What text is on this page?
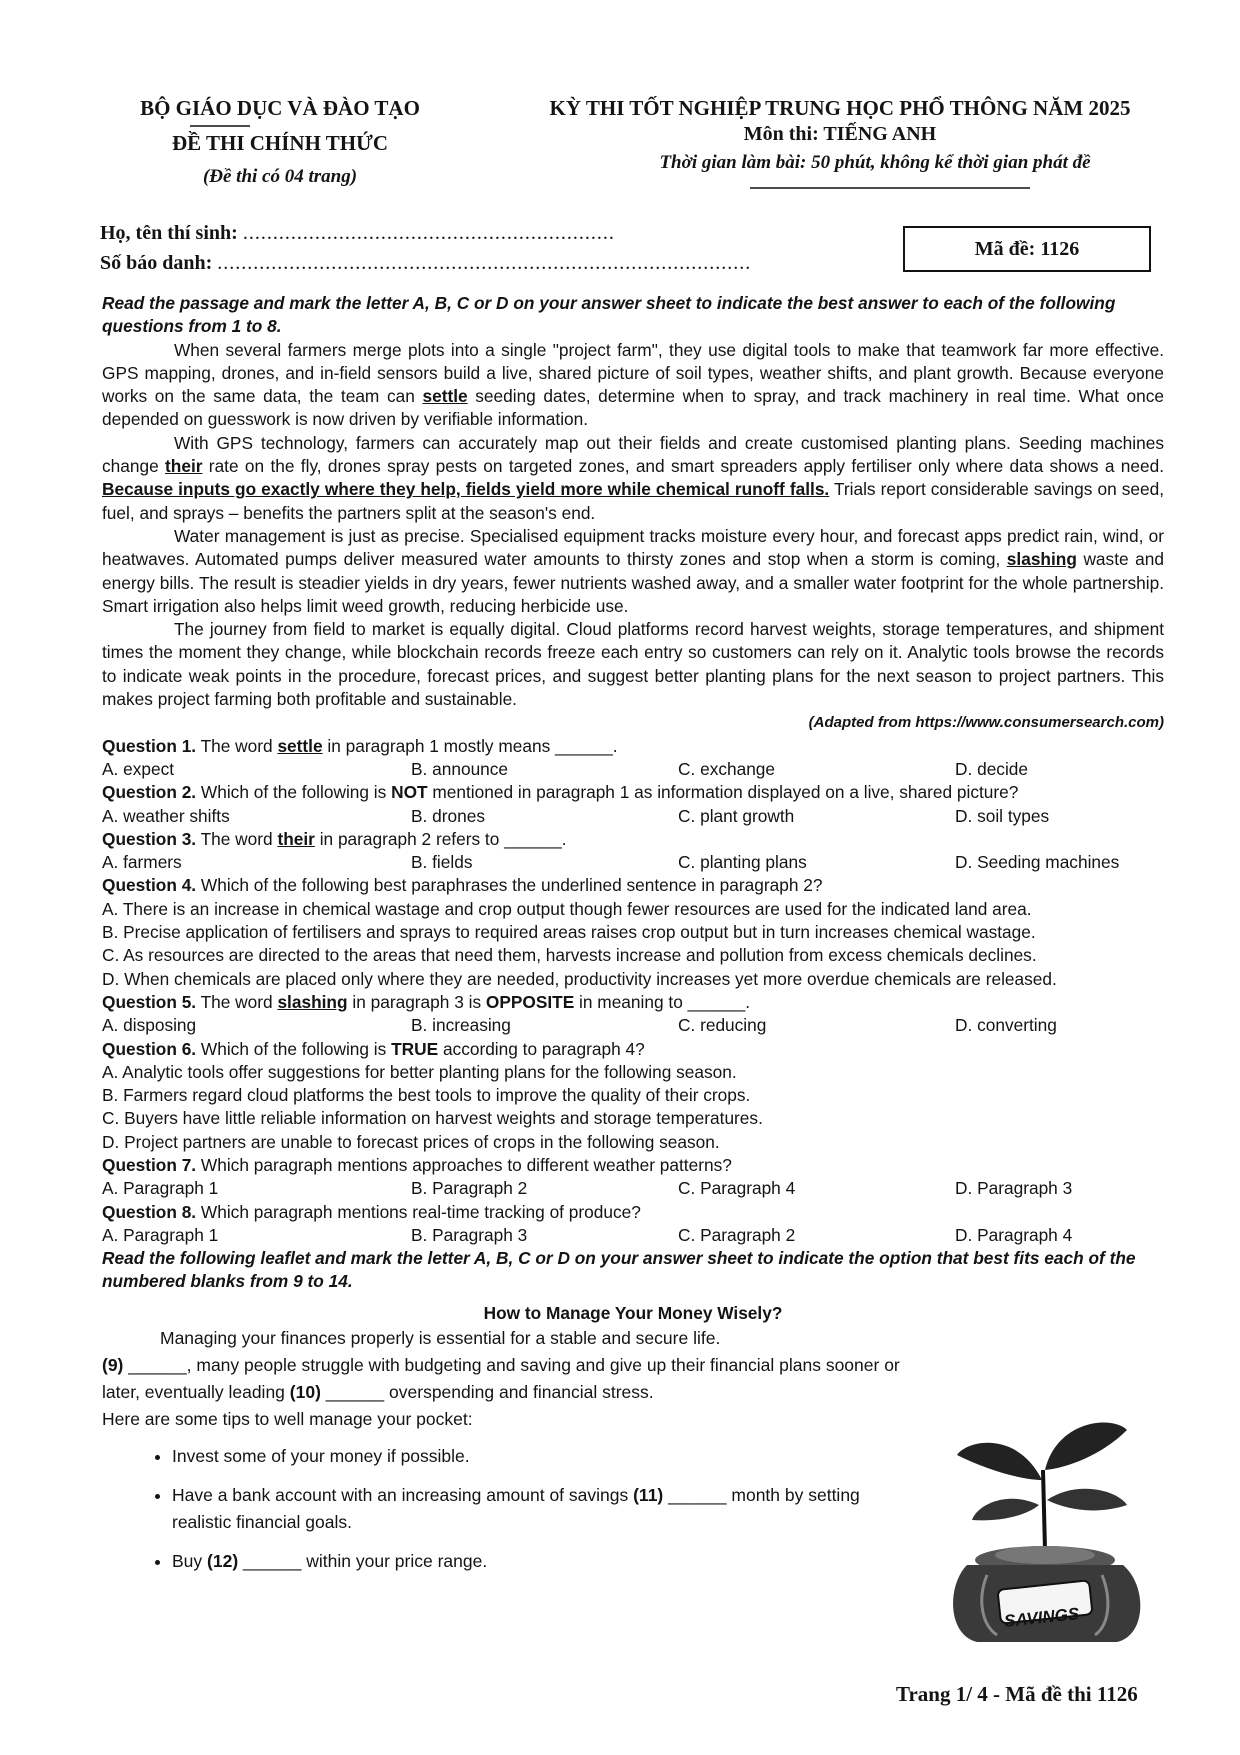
BỘ GIÁO DỤC VÀ ĐÀO TẠO
ĐỀ THI CHÍNH THỨC
(Đề thi có 04 trang)
KỲ THI TỐT NGHIỆP TRUNG HỌC PHỔ THÔNG NĂM 2025
Môn thi: TIẾNG ANH
Thời gian làm bài: 50 phút, không kể thời gian phát đề
Họ, tên thí sinh: ..............................................................
Số báo danh: .........................................................................................
Mã đề: 1126
Read the passage and mark the letter A, B, C or D on your answer sheet to indicate the best answer to each of the following questions from 1 to 8.
When several farmers merge plots into a single "project farm", they use digital tools to make that teamwork far more effective. GPS mapping, drones, and in-field sensors build a live, shared picture of soil types, weather shifts, and plant growth. Because everyone works on the same data, the team can settle seeding dates, determine when to spray, and track machinery in real time. What once depended on guesswork is now driven by verifiable information.
With GPS technology, farmers can accurately map out their fields and create customised planting plans. Seeding machines change their rate on the fly, drones spray pests on targeted zones, and smart spreaders apply fertiliser only where data shows a need. Because inputs go exactly where they help, fields yield more while chemical runoff falls. Trials report considerable savings on seed, fuel, and sprays – benefits the partners split at the season's end.
Water management is just as precise. Specialised equipment tracks moisture every hour, and forecast apps predict rain, wind, or heatwaves. Automated pumps deliver measured water amounts to thirsty zones and stop when a storm is coming, slashing waste and energy bills. The result is steadier yields in dry years, fewer nutrients washed away, and a smaller water footprint for the whole partnership. Smart irrigation also helps limit weed growth, reducing herbicide use.
The journey from field to market is equally digital. Cloud platforms record harvest weights, storage temperatures, and shipment times the moment they change, while blockchain records freeze each entry so customers can rely on it. Analytic tools browse the records to indicate weak points in the procedure, forecast prices, and suggest better planting plans for the next season to project partners. This makes project farming both profitable and sustainable.
(Adapted from https://www.consumersearch.com)
Question 1. The word settle in paragraph 1 mostly means ______.
A. expect	B. announce	C. exchange	D. decide
Question 2. Which of the following is NOT mentioned in paragraph 1 as information displayed on a live, shared picture?
A. weather shifts	B. drones	C. plant growth	D. soil types
Question 3. The word their in paragraph 2 refers to ______.
A. farmers	B. fields	C. planting plans	D. Seeding machines
Question 4. Which of the following best paraphrases the underlined sentence in paragraph 2?
A. There is an increase in chemical wastage and crop output though fewer resources are used for the indicated land area.
B. Precise application of fertilisers and sprays to required areas raises crop output but in turn increases chemical wastage.
C. As resources are directed to the areas that need them, harvests increase and pollution from excess chemicals declines.
D. When chemicals are placed only where they are needed, productivity increases yet more overdue chemicals are released.
Question 5. The word slashing in paragraph 3 is OPPOSITE in meaning to ______.
A. disposing	B. increasing	C. reducing	D. converting
Question 6. Which of the following is TRUE according to paragraph 4?
A. Analytic tools offer suggestions for better planting plans for the following season.
B. Farmers regard cloud platforms the best tools to improve the quality of their crops.
C. Buyers have little reliable information on harvest weights and storage temperatures.
D. Project partners are unable to forecast prices of crops in the following season.
Question 7. Which paragraph mentions approaches to different weather patterns?
A. Paragraph 1	B. Paragraph 2	C. Paragraph 4	D. Paragraph 3
Question 8. Which paragraph mentions real-time tracking of produce?
A. Paragraph 1	B. Paragraph 3	C. Paragraph 2	D. Paragraph 4
Read the following leaflet and mark the letter A, B, C or D on your answer sheet to indicate the option that best fits each of the numbered blanks from 9 to 14.
How to Manage Your Money Wisely?
Managing your finances properly is essential for a stable and secure life.
(9) ______, many people struggle with budgeting and saving and give up their financial plans sooner or later, eventually leading (10) ______ overspending and financial stress.
Here are some tips to well manage your pocket:
• Invest some of your money if possible.
• Have a bank account with an increasing amount of savings (11) ______ month by setting realistic financial goals.
• Buy (12) ______ within your price range.
SAVINGS
Trang 1/ 4 - Mã đề thi 1126
